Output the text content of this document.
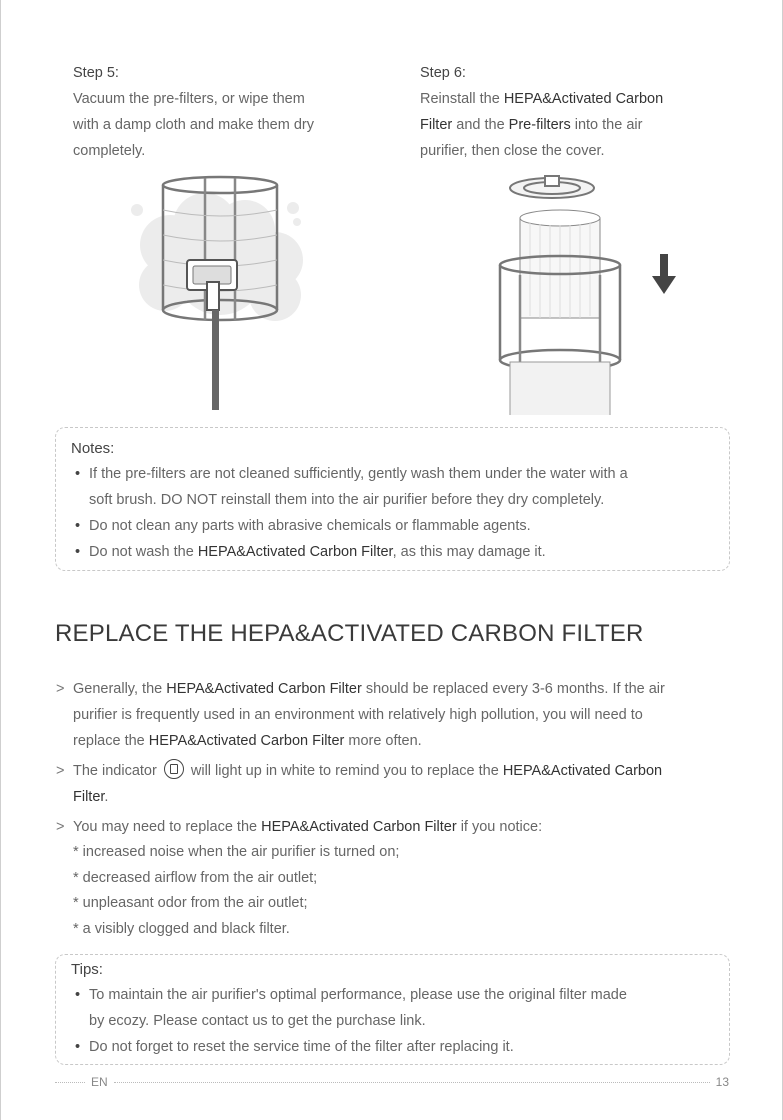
Step 5:
Vacuum the pre-filters, or wipe them
with a damp cloth and make them dry
completely.
Step 6:
Reinstall the HEPA&Activated Carbon
Filter and the Pre-filters into the air
purifier, then close the cover.
Notes:
• If the pre-filters are not cleaned sufficiently, gently wash them under the water with a
soft brush. DO NOT reinstall them into the air purifier before they dry completely.
• Do not clean any parts with abrasive chemicals or flammable agents.
• Do not wash the HEPA&Activated Carbon Filter, as this may damage it.
REPLACE THE HEPA&ACTIVATED CARBON FILTER
> Generally, the HEPA&Activated Carbon Filter should be replaced every 3-6 months. If the air
purifier is frequently used in an environment with relatively high pollution, you will need to
replace the HEPA&Activated Carbon Filter more often.
> The indicator will light up in white to remind you to replace the HEPA&Activated Carbon
Filter.
> You may need to replace the HEPA&Activated Carbon Filter if you notice:
* increased noise when the air purifier is turned on;
* decreased airflow from the air outlet;
* unpleasant odor from the air outlet;
* a visibly clogged and black filter.
Tips:
• To maintain the air purifier's optimal performance, please use the original filter made
by ecozy. Please contact us to get the purchase link.
• Do not forget to reset the service time of the filter after replacing it.
EN	13
